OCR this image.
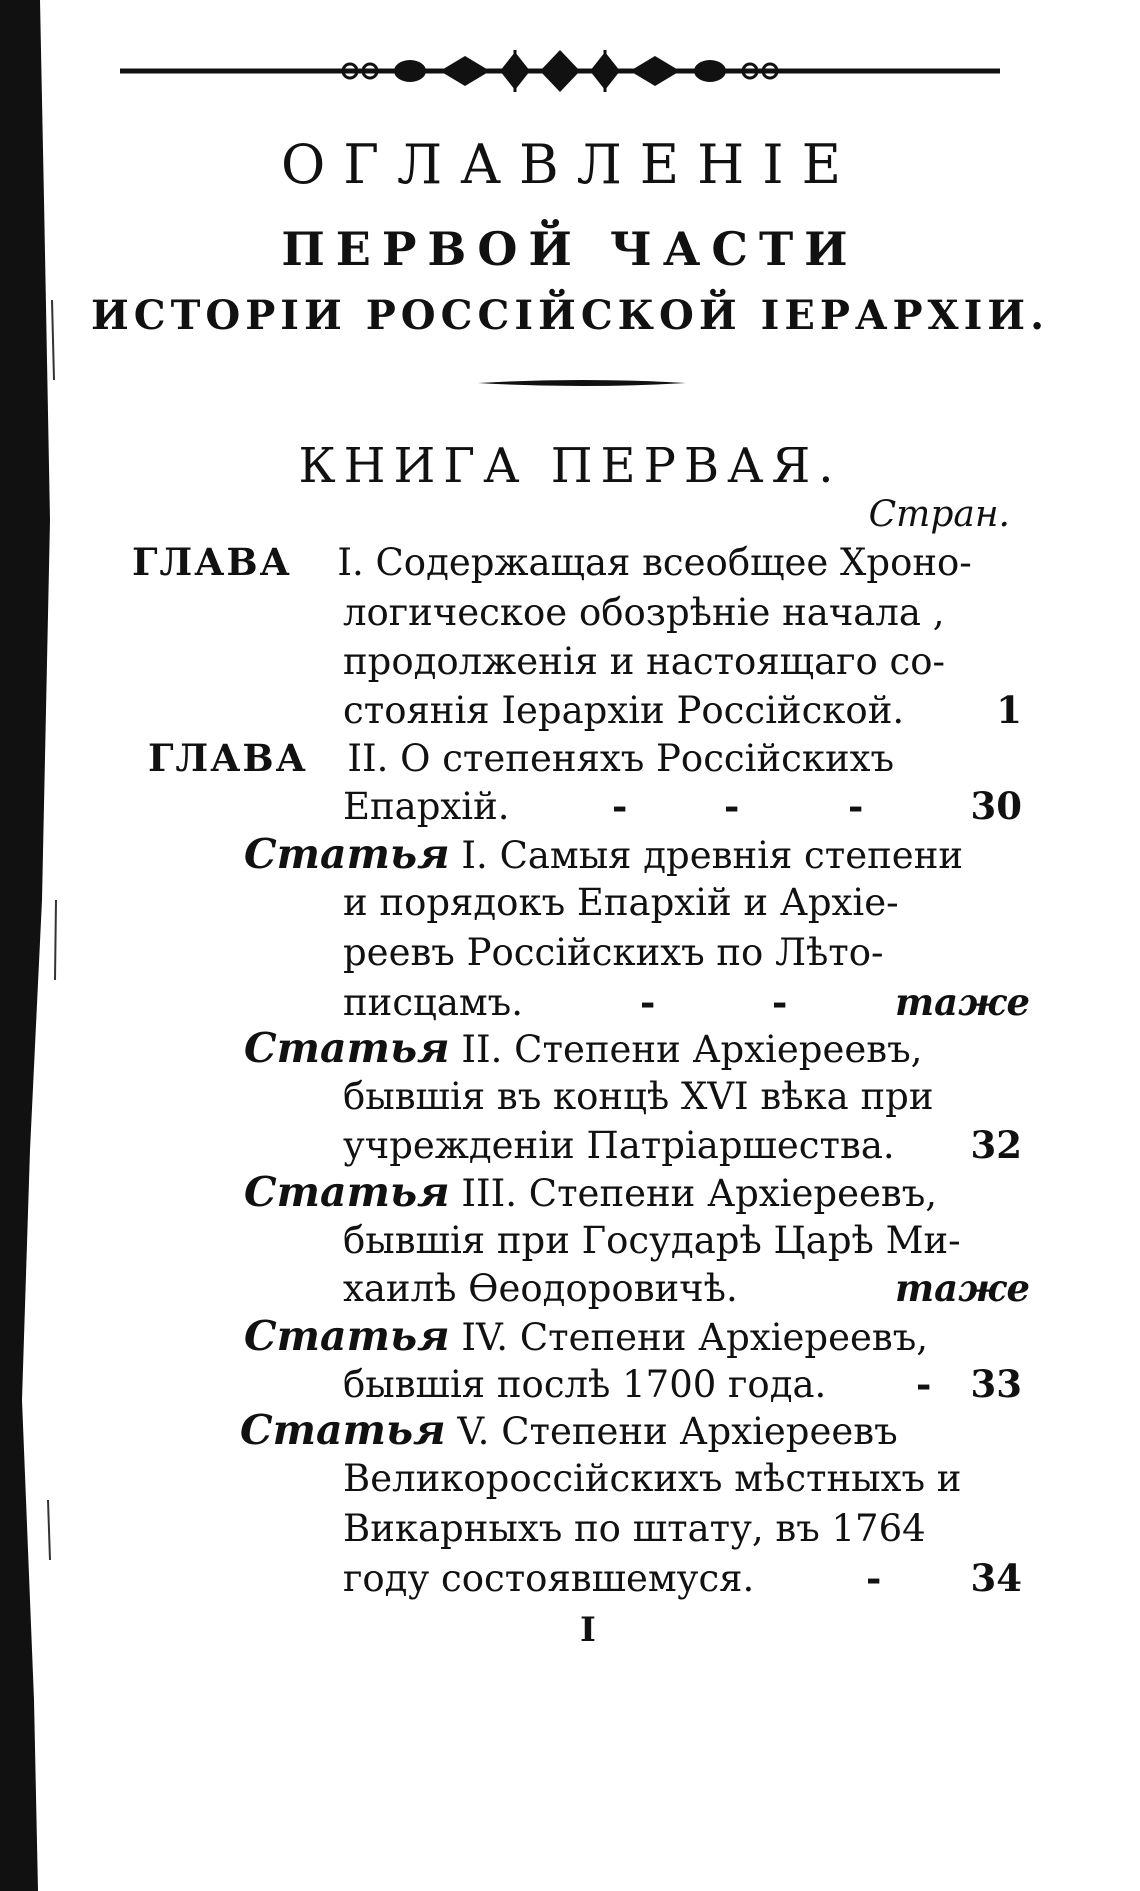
ОГЛАВЛЕНІЕ
ПЕРВОЙ ЧАСТИ
ИСТОРІИ РОССІЙСКОЙ ІЕРАРХІИ.
КНИГА ПЕРВАЯ.
Стран.
ГЛАВА I. Содержащая всеобщее Хроно-
логическое обозрѣніе начала ,
продолженія и настоящаго со-
стоянія Іерархіи Россійской. 1
ГЛАВА II. О степеняхъ Россійскихъ
Епархій.	-	-	-	30
Статья I. Самыя древнія степени
и порядокъ Епархій и Архіе-
реевъ Россійскихъ по Лѣто-
писцамъ.	-	-	таже
Статья II. Степени Архіереевъ,
бывшія въ концѣ XVI вѣка при
учрежденіи Патріаршества. 32
Статья III. Степени Архіереевъ,
бывшія при Государѣ Царѣ Ми-
хаилѣ Ѳеодоровичѣ.	таже
Статья IV. Степени Архіереевъ,
бывшія послѣ 1700 года. - 33
Статья V. Степени Архіереевъ
Великороссійскихъ мѣстныхъ и
Викарныхъ по штату, въ 1764
году состоявшемуся.	- 34
I
